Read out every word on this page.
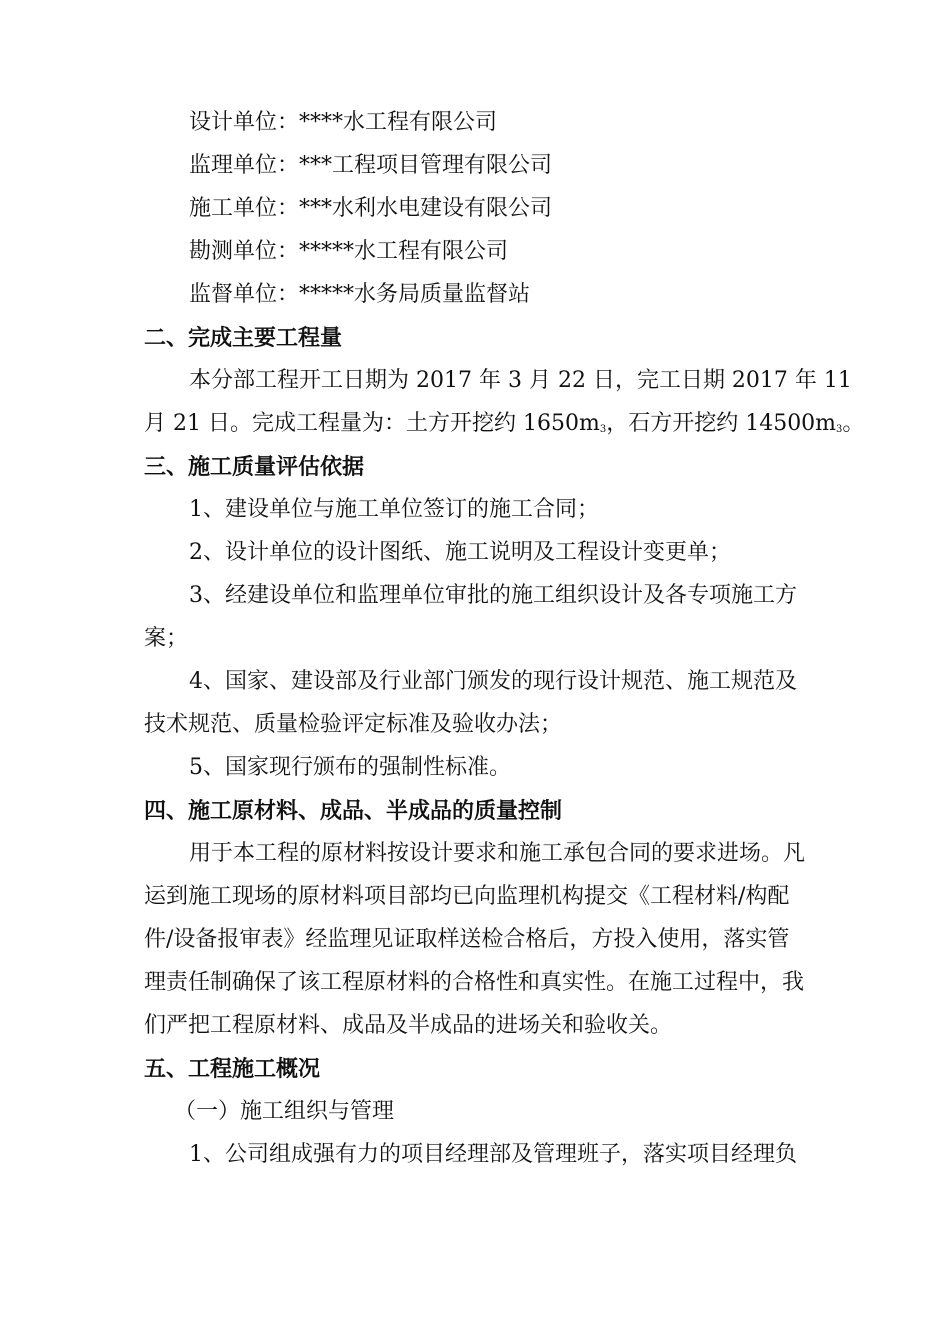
设计单位：****水工程有限公司
监理单位：***工程项目管理有限公司
施工单位：***水利水电建设有限公司
勘测单位：*****水工程有限公司
监督单位：*****水务局质量监督站
二、完成主要工程量
本分部工程开工日期为 2017 年 3 月 22 日，完工日期 2017 年 11
月 21 日。完成工程量为：土方开挖约 $1650m_3$，石方开挖约 $14500m_3$。
三、施工质量评估依据
1、建设单位与施工单位签订的施工合同；
2、设计单位的设计图纸、施工说明及工程设计变更单；
3、经建设单位和监理单位审批的施工组织设计及各专项施工方
案；
4、国家、建设部及行业部门颁发的现行设计规范、施工规范及
技术规范、质量检验评定标准及验收办法；
5、国家现行颁布的强制性标准。
四、施工原材料、成品、半成品的质量控制
用于本工程的原材料按设计要求和施工承包合同的要求进场。凡
运到施工现场的原材料项目部均已向监理机构提交《工程材料/构配
件/设备报审表》经监理见证取样送检合格后，方投入使用，落实管
理责任制确保了该工程原材料的合格性和真实性。在施工过程中，我
们严把工程原材料、成品及半成品的进场关和验收关。
五、工程施工概况
（一）施工组织与管理
1、公司组成强有力的项目经理部及管理班子，落实项目经理负
